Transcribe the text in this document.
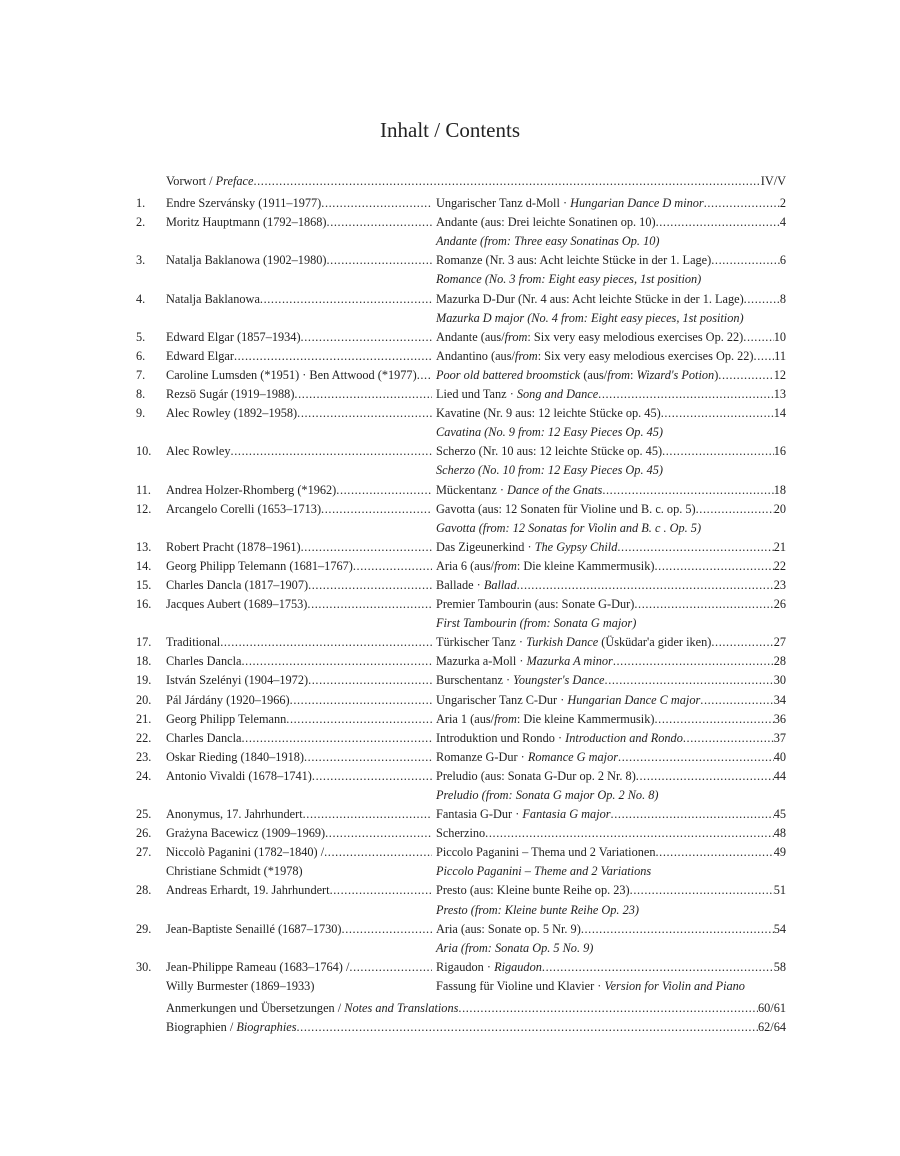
Inhalt / Contents
Vorwort / Preface .....	IV/V
1.	Endre Szervánsky (1911–1977) .....	Ungarischer Tanz d-Moll · Hungarian Dance D minor .....	2
2.	Moritz Hauptmann (1792–1868) .....	Andante (aus: Drei leichte Sonatinen op. 10) .....	4
Andante (from: Three easy Sonatinas Op. 10)
3.	Natalja Baklanowa (1902–1980) .....	Romanze (Nr. 3 aus: Acht leichte Stücke in der 1. Lage) .....	6
Romance (No. 3 from: Eight easy pieces, 1st position)
4.	Natalja Baklanowa .....	Mazurka D-Dur (Nr. 4 aus: Acht leichte Stücke in der 1. Lage) .....	8
Mazurka D major (No. 4 from: Eight easy pieces, 1st position)
5.	Edward Elgar (1857–1934) .....	Andante (aus/from: Six very easy melodious exercises Op. 22) ..... 10
6.	Edward Elgar .....	Andantino (aus/from: Six very easy melodious exercises Op. 22) ..... 11
7.	Caroline Lumsden (*1951) · Ben Attwood (*1977) ..... Poor old battered broomstick (aus/from: Wizard's Potion) .....	12
8.	Rezsö Sugár (1919–1988) .....	Lied und Tanz · Song and Dance .....	13
9.	Alec Rowley (1892–1958) .....	Kavatine (Nr. 9 aus: 12 leichte Stücke op. 45) .....	14
Cavatina (No. 9 from: 12 Easy Pieces Op. 45)
10.	Alec Rowley .....	Scherzo (Nr. 10 aus: 12 leichte Stücke op. 45) .....	16
Scherzo (No. 10 from: 12 Easy Pieces Op. 45)
11.	Andrea Holzer-Rhomberg (*1962) .....	Mückentanz · Dance of the Gnats .....	18
12.	Arcangelo Corelli (1653–1713) .....	Gavotta (aus: 12 Sonaten für Violine und B. c. op. 5) .....	20
Gavotta (from: 12 Sonatas for Violin and B. c . Op. 5)
13.	Robert Pracht (1878–1961) .....	Das Zigeunerkind · The Gypsy Child .....	21
14.	Georg Philipp Telemann (1681–1767) .....	Aria 6 (aus/from: Die kleine Kammermusik) .....	22
15.	Charles Dancla (1817–1907) .....	Ballade · Ballad .....	23
16.	Jacques Aubert (1689–1753) .....	Premier Tambourin (aus: Sonate G-Dur) .....	26
First Tambourin (from: Sonata G major)
17.	Traditional .....	Türkischer Tanz · Turkish Dance (Üsküdar'a gider iken) .....	27
18.	Charles Dancla .....	Mazurka a-Moll · Mazurka A minor .....	28
19.	István Szelényi (1904–1972) .....	Burschentanz · Youngster's Dance .....	30
20.	Pál Járdány (1920–1966) .....	Ungarischer Tanz C-Dur · Hungarian Dance C major .....	34
21.	Georg Philipp Telemann .....	Aria 1 (aus/from: Die kleine Kammermusik) .....	36
22.	Charles Dancla .....	Introduktion und Rondo · Introduction and Rondo .....	37
23.	Oskar Rieding (1840–1918) .....	Romanze G-Dur · Romance G major .....	40
24.	Antonio Vivaldi (1678–1741) .....	Preludio (aus: Sonata G-Dur op. 2 Nr. 8) .....	44
Preludio (from: Sonata G major Op. 2 No. 8)
25.	Anonymus, 17. Jahrhundert .....	Fantasia G-Dur · Fantasia G major .....	45
26.	Grażyna Bacewicz (1909–1969) .....	Scherzino .....	48
27.	Niccolò Paganini (1782–1840) /
.....
Christiane Schmidt (*1978)
Piccolo Paganini – Thema und 2 Variationen .....	49
Piccolo Paganini – Theme and 2 Variations
28.	Andreas Erhardt, 19. Jahrhundert .....	Presto (aus: Kleine bunte Reihe op. 23) .....	51
Presto (from: Kleine bunte Reihe Op. 23)
29.	Jean-Baptiste Senaillé (1687–1730) .....	Aria (aus: Sonate op. 5 Nr. 9) .....	54
Aria (from: Sonata Op. 5 No. 9)
30.	Jean-Philippe Rameau (1683–1764) /
.....
Willy Burmester (1869–1933)
Rigaudon · Rigaudon .....	58
Fassung für Violine und Klavier · Version for Violin and Piano
Anmerkungen und Übersetzungen / Notes and Translations .....	60/61
Biographien / Biographies .....	62/64
